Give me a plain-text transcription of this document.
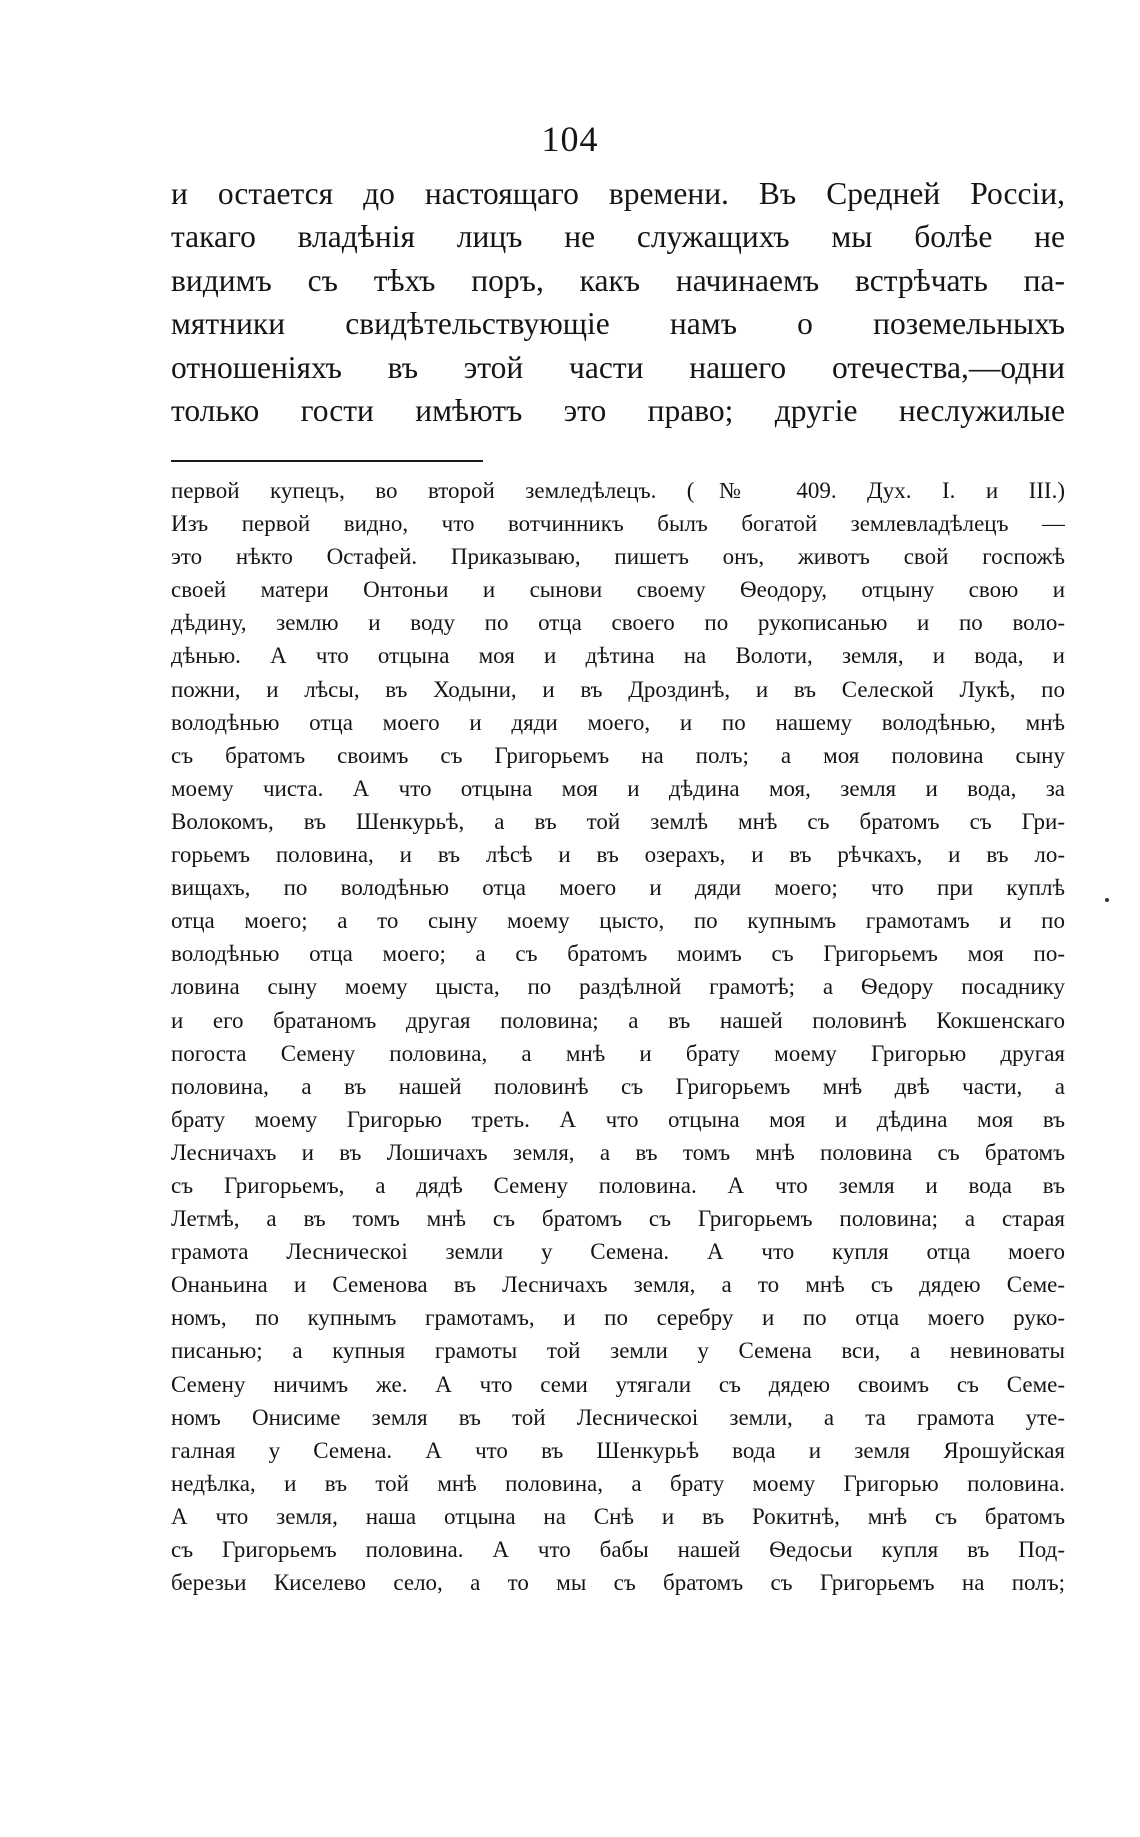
104
и остается до настоящаго времени. Въ Средней Россіи,
такаго владѣнія лицъ не служащихъ мы болѣе не
видимъ съ тѣхъ поръ, какъ начинаемъ встрѣчать па-
мятники свидѣтельствующіе намъ о поземельныхъ
отношеніяхъ въ этой части нашего отечества,—одни
только гости имѣютъ это право; другіе неслужилые
первой купецъ, во второй земледѣлецъ. (№ 409. Дух. I. и III.)
Изъ первой видно, что вотчинникъ былъ богатой землевладѣлецъ —
это нѣкто Остафей. Приказываю, пишетъ онъ, животъ свой госпожѣ
своей матери Онтоньи и сынови своему Ѳеодору, отцыну свою и
дѣдину, землю и воду по отца своего по рукописанью и по воло-
дѣнью. А что отцына моя и дѣтина на Волоти, земля, и вода, и
пожни, и лѣсы, въ Ходыни, и въ Дроздинѣ, и въ Селеской Лукѣ, по
володѣнью отца моего и дяди моего, и по нашему володѣнью, мнѣ
съ братомъ своимъ съ Григорьемъ на полъ; а моя половина сыну
моему чиста. А что отцына моя и дѣдина моя, земля и вода, за
Волокомъ, въ Шенкурьѣ, а въ той землѣ мнѣ съ братомъ съ Гри-
горьемъ половина, и въ лѣсѣ и въ озерахъ, и въ рѣчкахъ, и въ ло-
вищахъ, по володѣнью отца моего и дяди моего; что при куплѣ
отца моего; а то сыну моему цысто, по купнымъ грамотамъ и по
володѣнью отца моего; а съ братомъ моимъ съ Григорьемъ моя по-
ловина сыну моему цыста, по раздѣлной грамотѣ; а Ѳедору посаднику
и его братаномъ другая половина; а въ нашей половинѣ Кокшенскаго
погоста Семену половина, а мнѣ и брату моему Григорью другая
половина, а въ нашей половинѣ съ Григорьемъ мнѣ двѣ части, а
брату моему Григорью треть. А что отцына моя и дѣдина моя въ
Лесничахъ и въ Лошичахъ земля, а въ томъ мнѣ половина съ братомъ
съ Григорьемъ, а дядѣ Семену половина. А что земля и вода въ
Летмѣ, а въ томъ мнѣ съ братомъ съ Григорьемъ половина; а старая
грамота Лесническоі земли у Семена. А что купля отца моего
Онаньина и Семенова въ Лесничахъ земля, а то мнѣ съ дядею Семе-
номъ, по купнымъ грамотамъ, и по серебру и по отца моего руко-
писанью; а купныя грамоты той земли у Семена вси, а невиноваты
Семену ничимъ же. А что семи утягали съ дядею своимъ съ Семе-
номъ Онисиме земля въ той Лесническоі земли, а та грамота уте-
галная у Семена. А что въ Шенкурьѣ вода и земля Ярошуйская
недѣлка, и въ той мнѣ половина, а брату моему Григорью половина.
А что земля, наша отцына на Снѣ и въ Рокитнѣ, мнѣ съ братомъ
съ Григорьемъ половина. А что бабы нашей Ѳедосьи купля въ Под-
березьи Киселево село, а то мы съ братомъ съ Григорьемъ на полъ;
